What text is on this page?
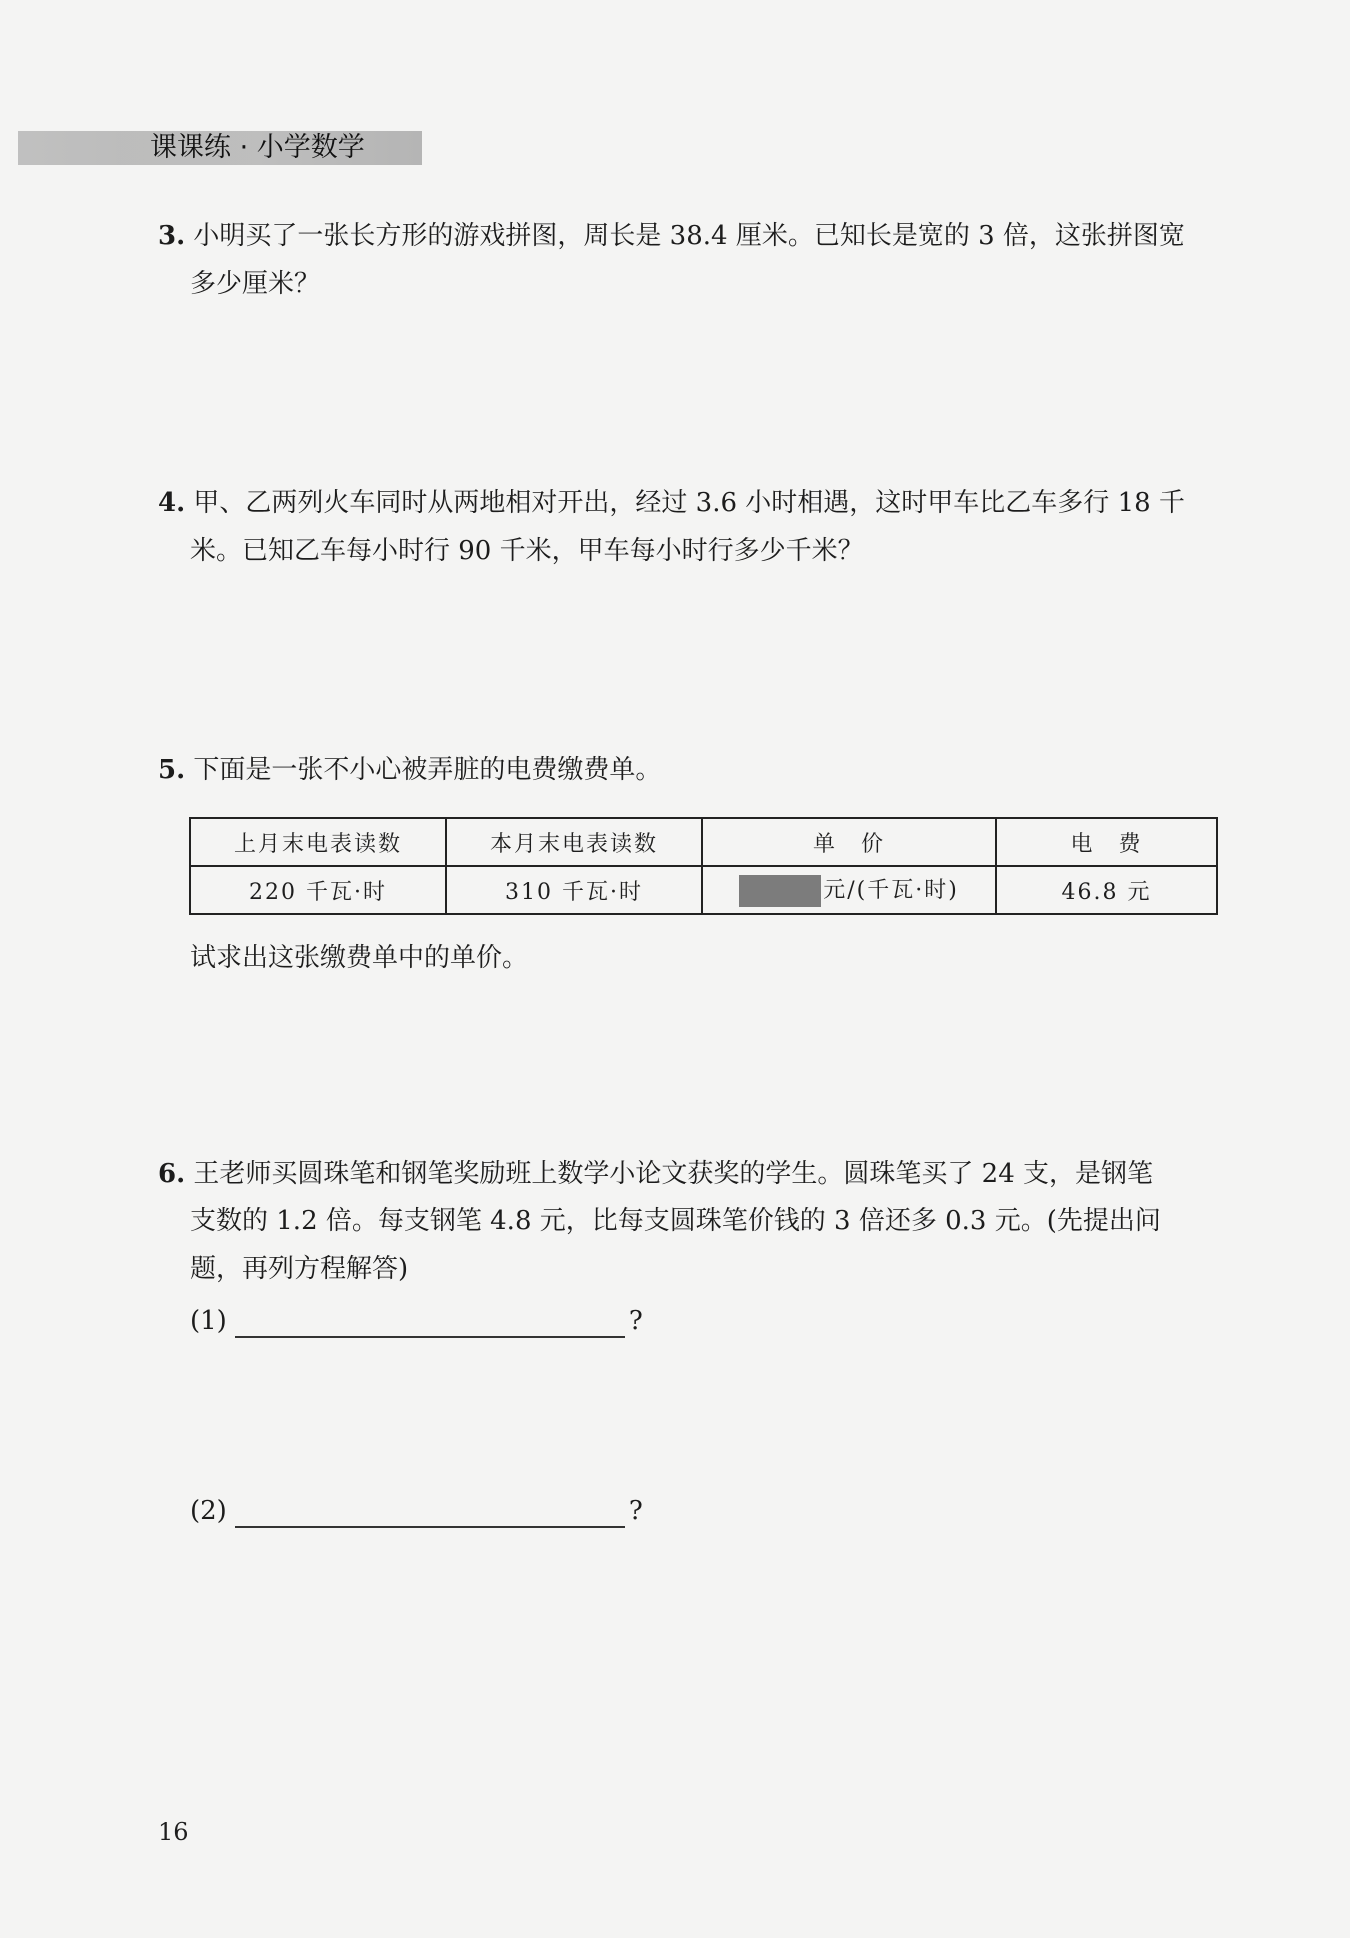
课课练 · 小学数学
3. 小明买了一张长方形的游戏拼图，周长是 38.4 厘米。已知长是宽的 3 倍，这张拼图宽
多少厘米？
4. 甲、乙两列火车同时从两地相对开出，经过 3.6 小时相遇，这时甲车比乙车多行 18 千
米。已知乙车每小时行 90 千米，甲车每小时行多少千米？
5. 下面是一张不小心被弄脏的电费缴费单。
上月末电表读数	本月末电表读数	单　价	电　费
220 千瓦·时	310 千瓦·时	元/(千瓦·时)	46.8 元
试求出这张缴费单中的单价。
6. 王老师买圆珠笔和钢笔奖励班上数学小论文获奖的学生。圆珠笔买了 24 支，是钢笔
支数的 1.2 倍。每支钢笔 4.8 元，比每支圆珠笔价钱的 3 倍还多 0.3 元。(先提出问
题，再列方程解答)
(1)	?
(2)	?
16
